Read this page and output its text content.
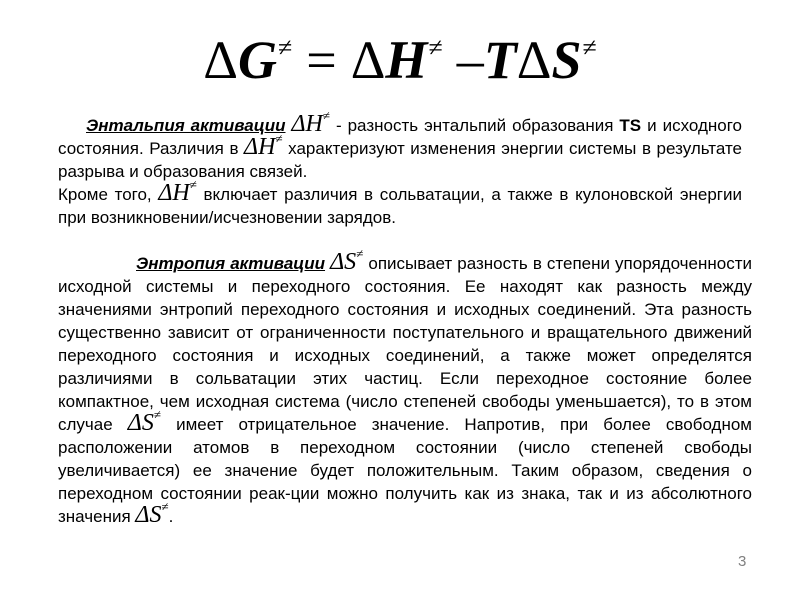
ΔG≠ = ΔH≠ –TΔS≠
Энтальпия активации ΔH≠ - разность энтальпий образования TS и исходного состояния. Различия в ΔH≠ характеризуют изменения энергии системы в результате разрыва и образования связей.
Кроме того, ΔH≠ включает различия в сольватации, а также в кулоновской энергии при возникновении/исчезновении зарядов.
Энтропия активации ΔS≠ описывает разность в степени упорядоченности исходной системы и переходного состояния. Ее находят как разность между значениями энтропий переходного состояния и исходных соединений. Эта разность существенно зависит от ограниченности поступательного и вращательного движений переходного состояния и исходных соединений, а также может определятся различиями в сольватации этих частиц. Если переходное состояние более компактное, чем исходная система (число степеней свободы уменьшается), то в этом случае ΔS≠ имеет отрицательное значение. Напротив, при более свободном расположении атомов в переходном состоянии (число степеней свободы увеличивается) ее значение будет положительным. Таким образом, сведения о переходном состоянии реак-ции можно получить как из знака, так и из абсолютного значения ΔS≠.
3
